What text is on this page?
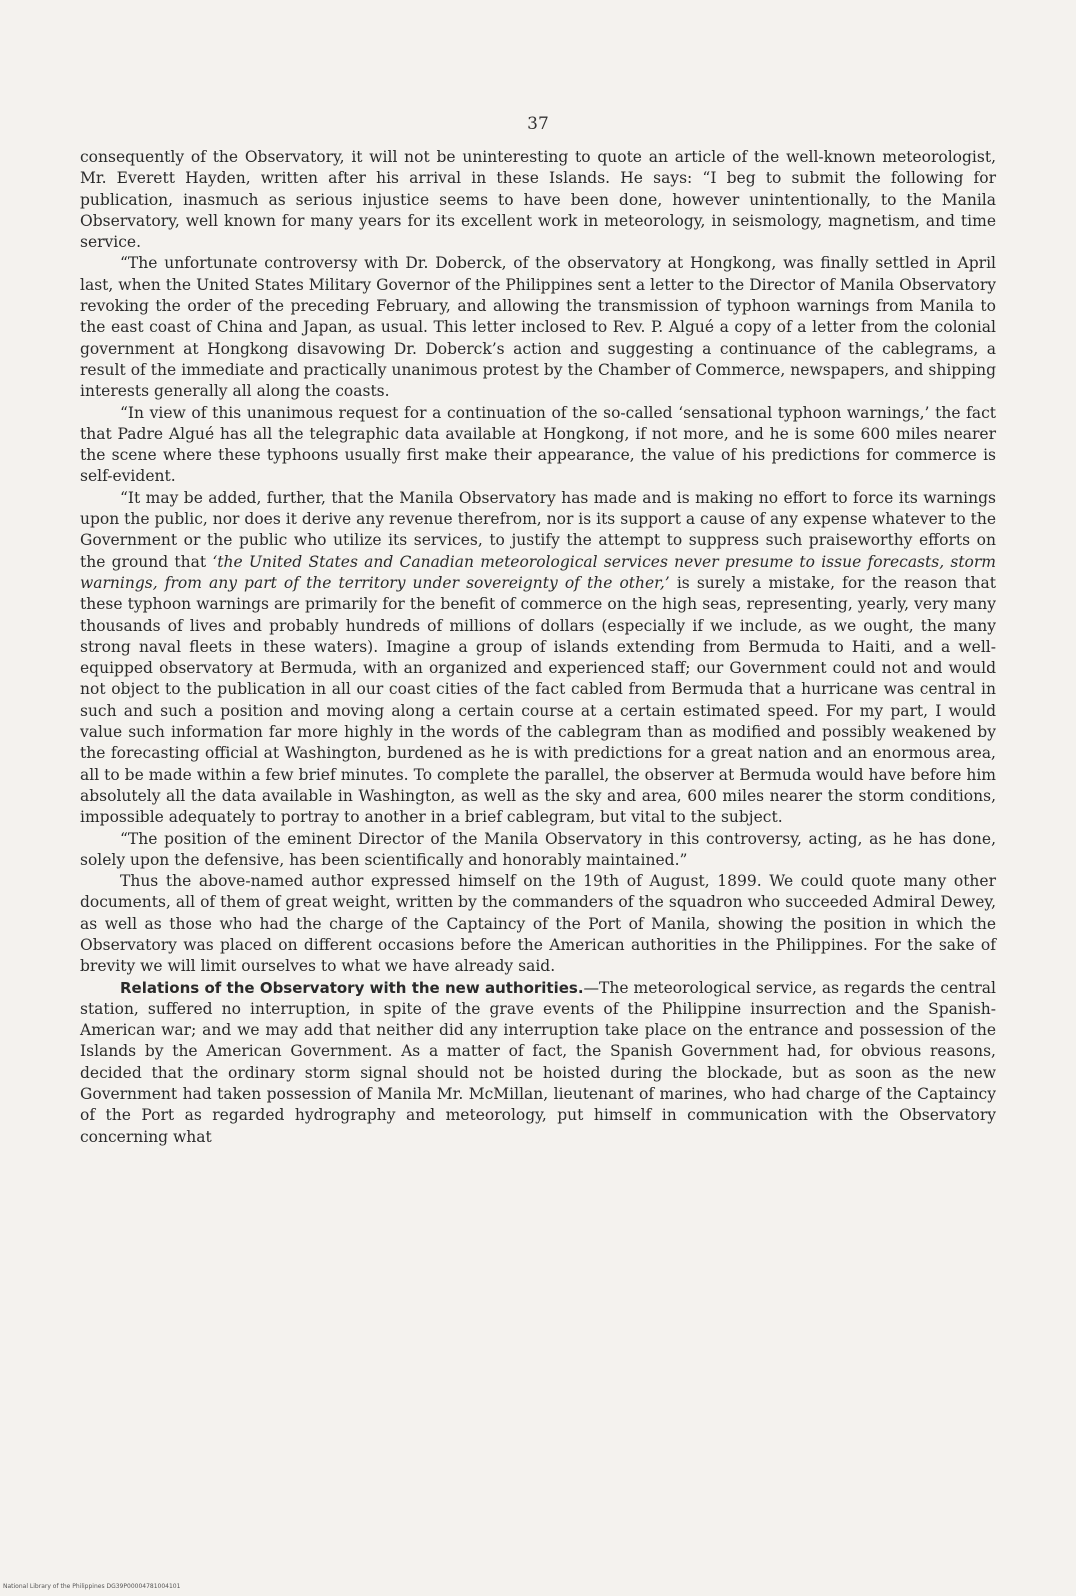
37

consequently of the Observatory, it will not be uninteresting to quote an article of the well-known meteorologist, Mr. Everett Hayden, written after his arrival in these Islands. He says: “I beg to submit the following for publication, inasmuch as serious injustice seems to have been done, however unintentionally, to the Manila Observatory, well known for many years for its excellent work in meteorology, in seismology, magnetism, and time service.

“The unfortunate controversy with Dr. Doberck, of the observatory at Hongkong, was finally settled in April last, when the United States Military Governor of the Philippines sent a letter to the Director of Manila Observatory revoking the order of the preceding February, and allowing the transmission of typhoon warnings from Manila to the east coast of China and Japan, as usual. This letter inclosed to Rev. P. Algué a copy of a letter from the colonial government at Hongkong disavowing Dr. Doberck’s action and suggesting a continuance of the cablegrams, a result of the immediate and practically unanimous protest by the Chamber of Commerce, newspapers, and shipping interests generally all along the coasts.

“In view of this unanimous request for a continuation of the so-called ‘sensational typhoon warnings,’ the fact that Padre Algué has all the telegraphic data available at Hongkong, if not more, and he is some 600 miles nearer the scene where these typhoons usually first make their appearance, the value of his predictions for commerce is self-evident.

“It may be added, further, that the Manila Observatory has made and is making no effort to force its warnings upon the public, nor does it derive any revenue therefrom, nor is its support a cause of any expense whatever to the Government or the public who utilize its services, to justify the attempt to suppress such praiseworthy efforts on the ground that ‘the United States and Canadian meteorological services never presume to issue forecasts, storm warnings, from any part of the territory under sovereignty of the other,’ is surely a mistake, for the reason that these typhoon warnings are primarily for the benefit of commerce on the high seas, representing, yearly, very many thousands of lives and probably hundreds of millions of dollars (especially if we include, as we ought, the many strong naval fleets in these waters). Imagine a group of islands extending from Bermuda to Haiti, and a well-equipped observatory at Bermuda, with an organized and experienced staff; our Government could not and would not object to the publication in all our coast cities of the fact cabled from Bermuda that a hurricane was central in such and such a position and moving along a certain course at a certain estimated speed. For my part, I would value such information far more highly in the words of the cablegram than as modified and possibly weakened by the forecasting official at Washington, burdened as he is with predictions for a great nation and an enormous area, all to be made within a few brief minutes. To complete the parallel, the observer at Bermuda would have before him absolutely all the data available in Washington, as well as the sky and area, 600 miles nearer the storm conditions, impossible adequately to portray to another in a brief cablegram, but vital to the subject.

“The position of the eminent Director of the Manila Observatory in this controversy, acting, as he has done, solely upon the defensive, has been scientifically and honorably maintained.”

Thus the above-named author expressed himself on the 19th of August, 1899. We could quote many other documents, all of them of great weight, written by the commanders of the squadron who succeeded Admiral Dewey, as well as those who had the charge of the Captaincy of the Port of Manila, showing the position in which the Observatory was placed on different occasions before the American authorities in the Philippines. For the sake of brevity we will limit ourselves to what we have already said.

Relations of the Observatory with the new authorities.—The meteorological service, as regards the central station, suffered no interruption, in spite of the grave events of the Philippine insurrection and the Spanish-American war; and we may add that neither did any interruption take place on the entrance and possession of the Islands by the American Government. As a matter of fact, the Spanish Government had, for obvious reasons, decided that the ordinary storm signal should not be hoisted during the blockade, but as soon as the new Government had taken possession of Manila Mr. McMillan, lieutenant of marines, who had charge of the Captaincy of the Port as regarded hydrography and meteorology, put himself in communication with the Observatory concerning what

National Library of the Philippines DG39P00004781004101
